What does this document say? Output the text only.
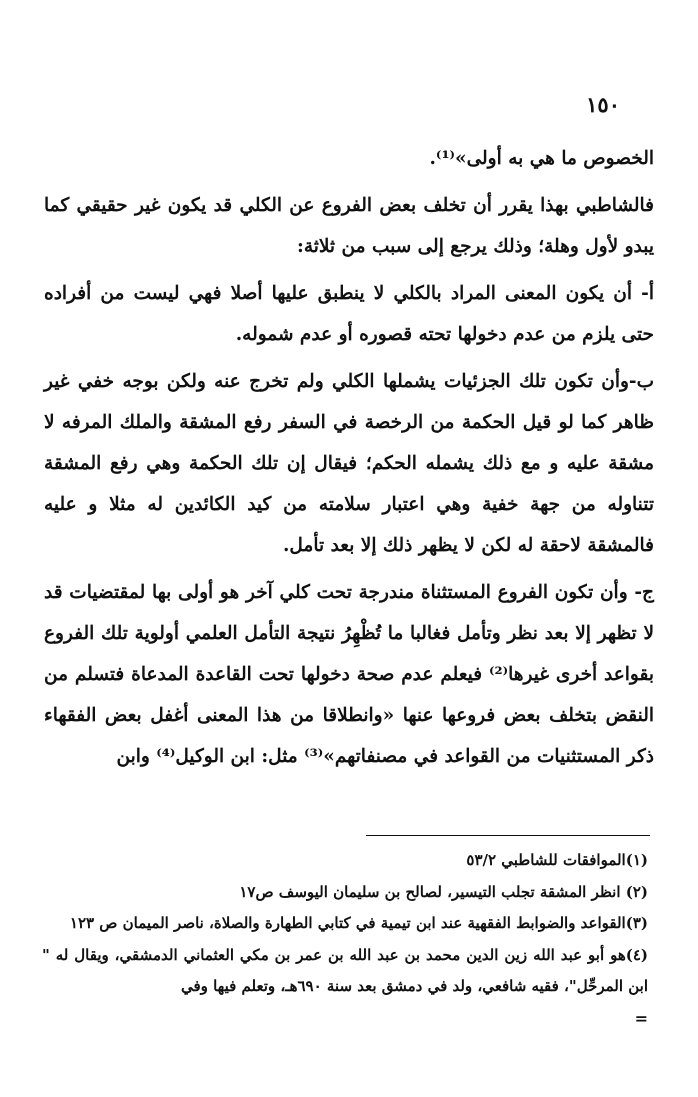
١٥٠

الخصوص ما هي به أولى»⁽¹⁾.

فالشاطبي بهذا يقرر أن تخلف بعض الفروع عن الكلي قد يكون غير حقيقي كما يبدو لأول وهلة؛ وذلك يرجع إلى سبب من ثلاثة:

أ- أن يكون المعنى المراد بالكلي لا ينطبق عليها أصلا فهي ليست من أفراده حتى يلزم من عدم دخولها تحته قصوره أو عدم شموله.

ب-وأن تكون تلك الجزئيات يشملها الكلي ولم تخرج عنه ولكن بوجه خفي غير ظاهر كما لو قيل الحكمة من الرخصة في السفر رفع المشقة والملك المرفه لا مشقة عليه و مع ذلك يشمله الحكم؛ فيقال إن تلك الحكمة وهي رفع المشقة تتناوله من جهة خفية وهي اعتبار سلامته من كيد الكائدين له مثلا و عليه فالمشقة لاحقة له لكن لا يظهر ذلك إلا بعد تأمل.

ج- وأن تكون الفروع المستثناة مندرجة تحت كلي آخر هو أولى بها لمقتضيات قد لا تظهر إلا بعد نظر وتأمل فغالبا ما تُظْهِرُ نتيجة التأمل العلمي أولوية تلك الفروع بقواعد أخرى غيرها⁽²⁾ فيعلم عدم صحة دخولها تحت القاعدة المدعاة فتسلم من النقض بتخلف بعض فروعها عنها «وانطلاقا من هذا المعنى أغفل بعض الفقهاء ذكر المستثنيات من القواعد في مصنفاتهم»⁽³⁾ مثل: ابن الوكيل⁽⁴⁾ وابن

(١)الموافقات للشاطبي ٥٣/٢

(٢) انظر المشقة تجلب التيسير، لصالح بن سليمان اليوسف ص١٧

(٣)القواعد والضوابط الفقهية عند ابن تيمية في كتابي الطهارة والصلاة، ناصر الميمان ص ١٢٣

(٤)هو أبو عبد الله زين الدين محمد بن عبد الله بن عمر بن مكي العثماني الدمشقي، ويقال له " ابن المرحِّل"، فقيه شافعي، ولد في دمشق بعد سنة ٦٩٠هـ، وتعلم فيها وفي

=
